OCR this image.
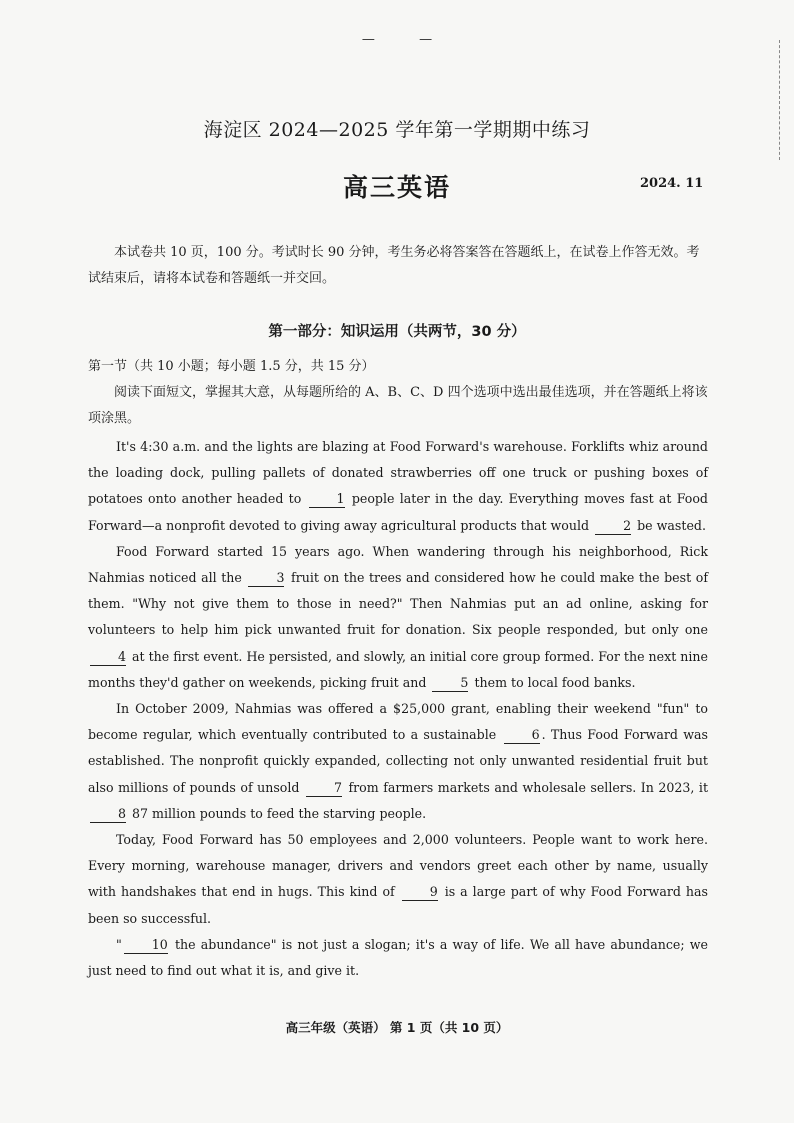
—	—
海淀区 2024—2025 学年第一学期期中练习
高三英语	2024. 11
本试卷共 10 页，100 分。考试时长 90 分钟，考生务必将答案答在答题纸上，在试卷上作答无效。考试结束后，请将本试卷和答题纸一并交回。
第一部分：知识运用（共两节，30 分）
第一节（共 10 小题；每小题 1.5 分，共 15 分）
阅读下面短文，掌握其大意，从每题所给的 A、B、C、D 四个选项中选出最佳选项，并在答题纸上将该项涂黑。

It's 4:30 a.m. and the lights are blazing at Food Forward's warehouse. Forklifts whiz around the loading dock, pulling pallets of donated strawberries off one truck or pushing boxes of potatoes onto another headed to 1 people later in the day. Everything moves fast at Food Forward—a nonprofit devoted to giving away agricultural products that would 2 be wasted.

Food Forward started 15 years ago. When wandering through his neighborhood, Rick Nahmias noticed all the 3 fruit on the trees and considered how he could make the best of them. "Why not give them to those in need?" Then Nahmias put an ad online, asking for volunteers to help him pick unwanted fruit for donation. Six people responded, but only one 4 at the first event. He persisted, and slowly, an initial core group formed. For the next nine months they'd gather on weekends, picking fruit and 5 them to local food banks.

In October 2009, Nahmias was offered a $25,000 grant, enabling their weekend "fun" to become regular, which eventually contributed to a sustainable 6 . Thus Food Forward was established. The nonprofit quickly expanded, collecting not only unwanted residential fruit but also millions of pounds of unsold 7 from farmers markets and wholesale sellers. In 2023, it 8 87 million pounds to feed the starving people.

Today, Food Forward has 50 employees and 2,000 volunteers. People want to work here. Every morning, warehouse manager, drivers and vendors greet each other by name, usually with handshakes that end in hugs. This kind of 9 is a large part of why Food Forward has been so successful.

" 10 the abundance" is not just a slogan; it's a way of life. We all have abundance; we just need to find out what it is, and give it.

高三年级（英语） 第 1 页（共 10 页）
